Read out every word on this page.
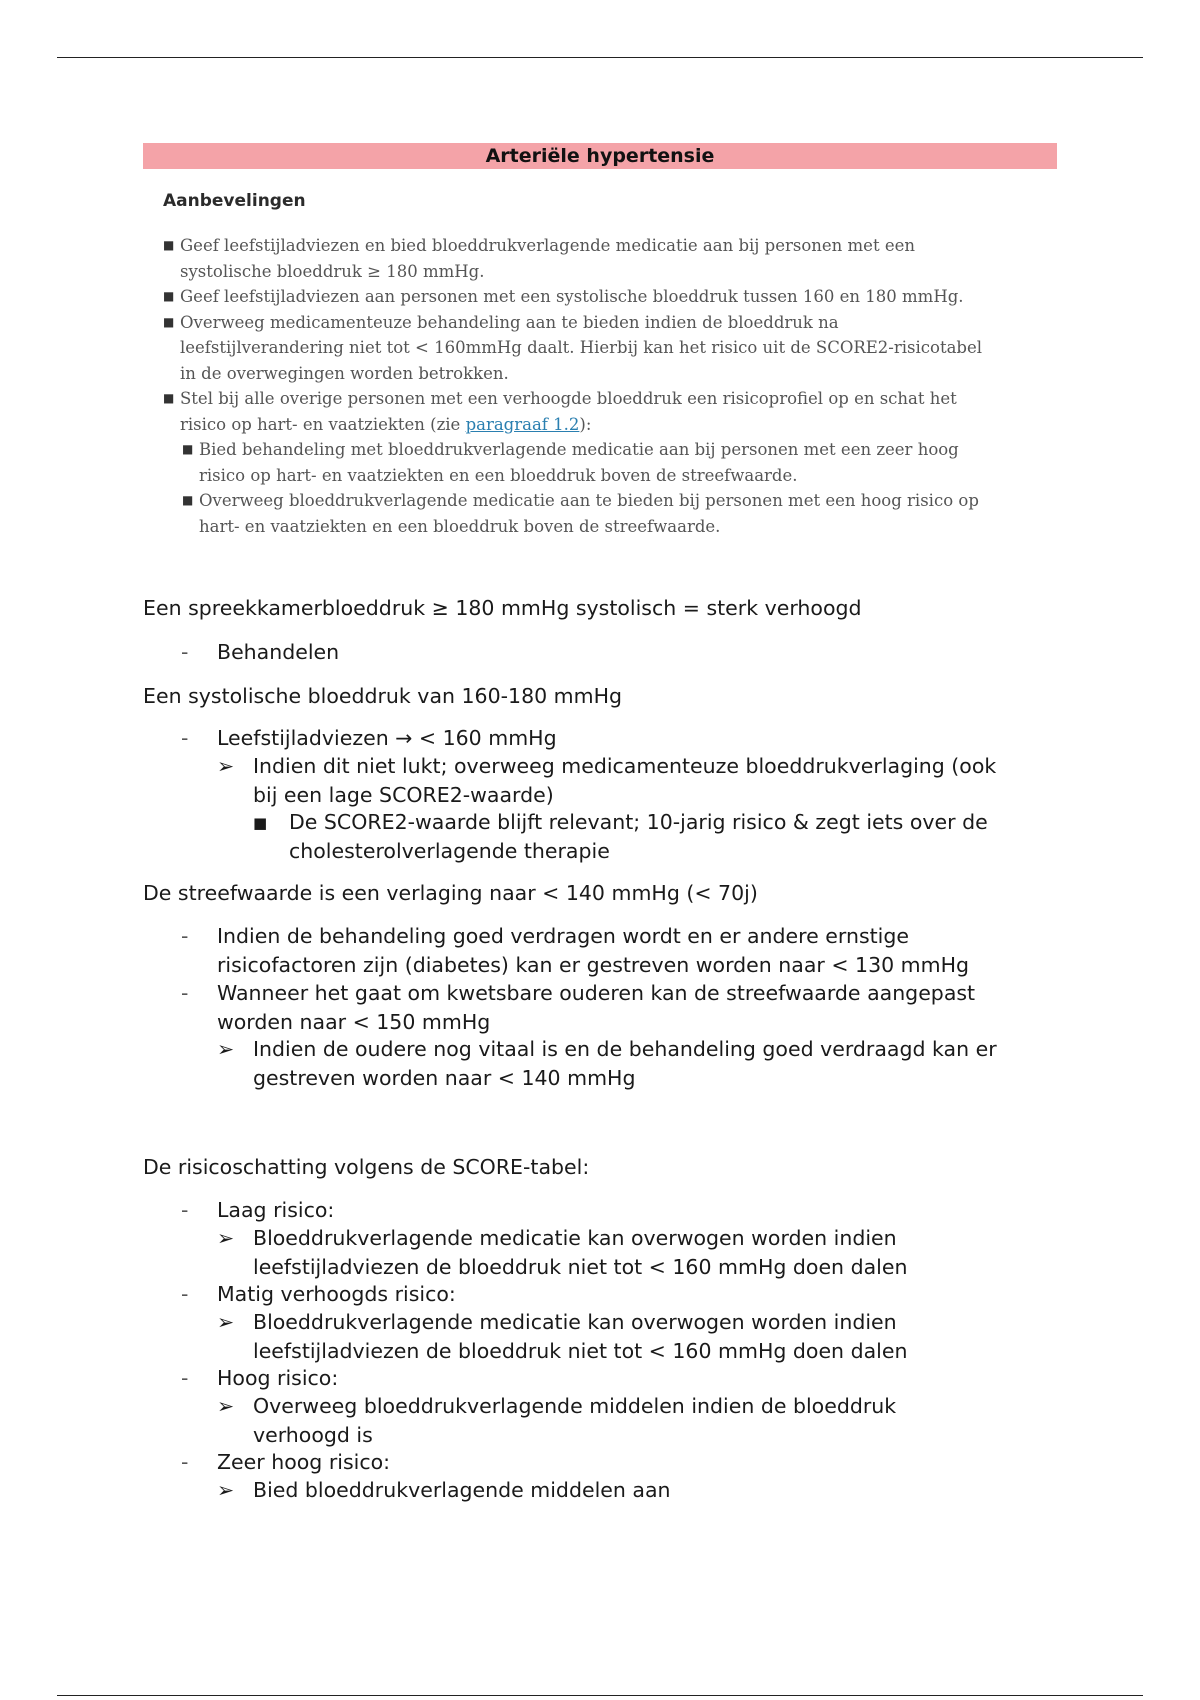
Arteriële hypertensie
Aanbevelingen
■ Geef leefstijladviezen en bied bloeddrukverlagende medicatie aan bij personen met een
systolische bloeddruk ≥ 180 mmHg.
■ Geef leefstijladviezen aan personen met een systolische bloeddruk tussen 160 en 180 mmHg.
■ Overweeg medicamenteuze behandeling aan te bieden indien de bloeddruk na
leefstijlverandering niet tot < 160mmHg daalt. Hierbij kan het risico uit de SCORE2-risicotabel
in de overwegingen worden betrokken.
■ Stel bij alle overige personen met een verhoogde bloeddruk een risicoprofiel op en schat het
risico op hart- en vaatziekten (zie paragraaf 1.2):
■ Bied behandeling met bloeddrukverlagende medicatie aan bij personen met een zeer hoog
risico op hart- en vaatziekten en een bloeddruk boven de streefwaarde.
■ Overweeg bloeddrukverlagende medicatie aan te bieden bij personen met een hoog risico op
hart- en vaatziekten en een bloeddruk boven de streefwaarde.
Een spreekkamerbloeddruk ≥ 180 mmHg systolisch = sterk verhoogd
-	Behandelen
Een systolische bloeddruk van 160-180 mmHg
-	Leefstijladviezen → < 160 mmHg
➢ Indien dit niet lukt; overweeg medicamenteuze bloeddrukverlaging (ook
bij een lage SCORE2-waarde)
■	De SCORE2-waarde blijft relevant; 10-jarig risico & zegt iets over de
cholesterolverlagende therapie
De streefwaarde is een verlaging naar < 140 mmHg (< 70j)
-	Indien de behandeling goed verdragen wordt en er andere ernstige
risicofactoren zijn (diabetes) kan er gestreven worden naar < 130 mmHg
-	Wanneer het gaat om kwetsbare ouderen kan de streefwaarde aangepast
worden naar < 150 mmHg
➢ Indien de oudere nog vitaal is en de behandeling goed verdraagd kan er
gestreven worden naar < 140 mmHg
De risicoschatting volgens de SCORE-tabel:
-	Laag risico:
➢ Bloeddrukverlagende medicatie kan overwogen worden indien
leefstijladviezen de bloeddruk niet tot < 160 mmHg doen dalen
-	Matig verhoogds risico:
➢ Bloeddrukverlagende medicatie kan overwogen worden indien
leefstijladviezen de bloeddruk niet tot < 160 mmHg doen dalen
-	Hoog risico:
➢ Overweeg bloeddrukverlagende middelen indien de bloeddruk
verhoogd is
-	Zeer hoog risico:
➢ Bied bloeddrukverlagende middelen aan
